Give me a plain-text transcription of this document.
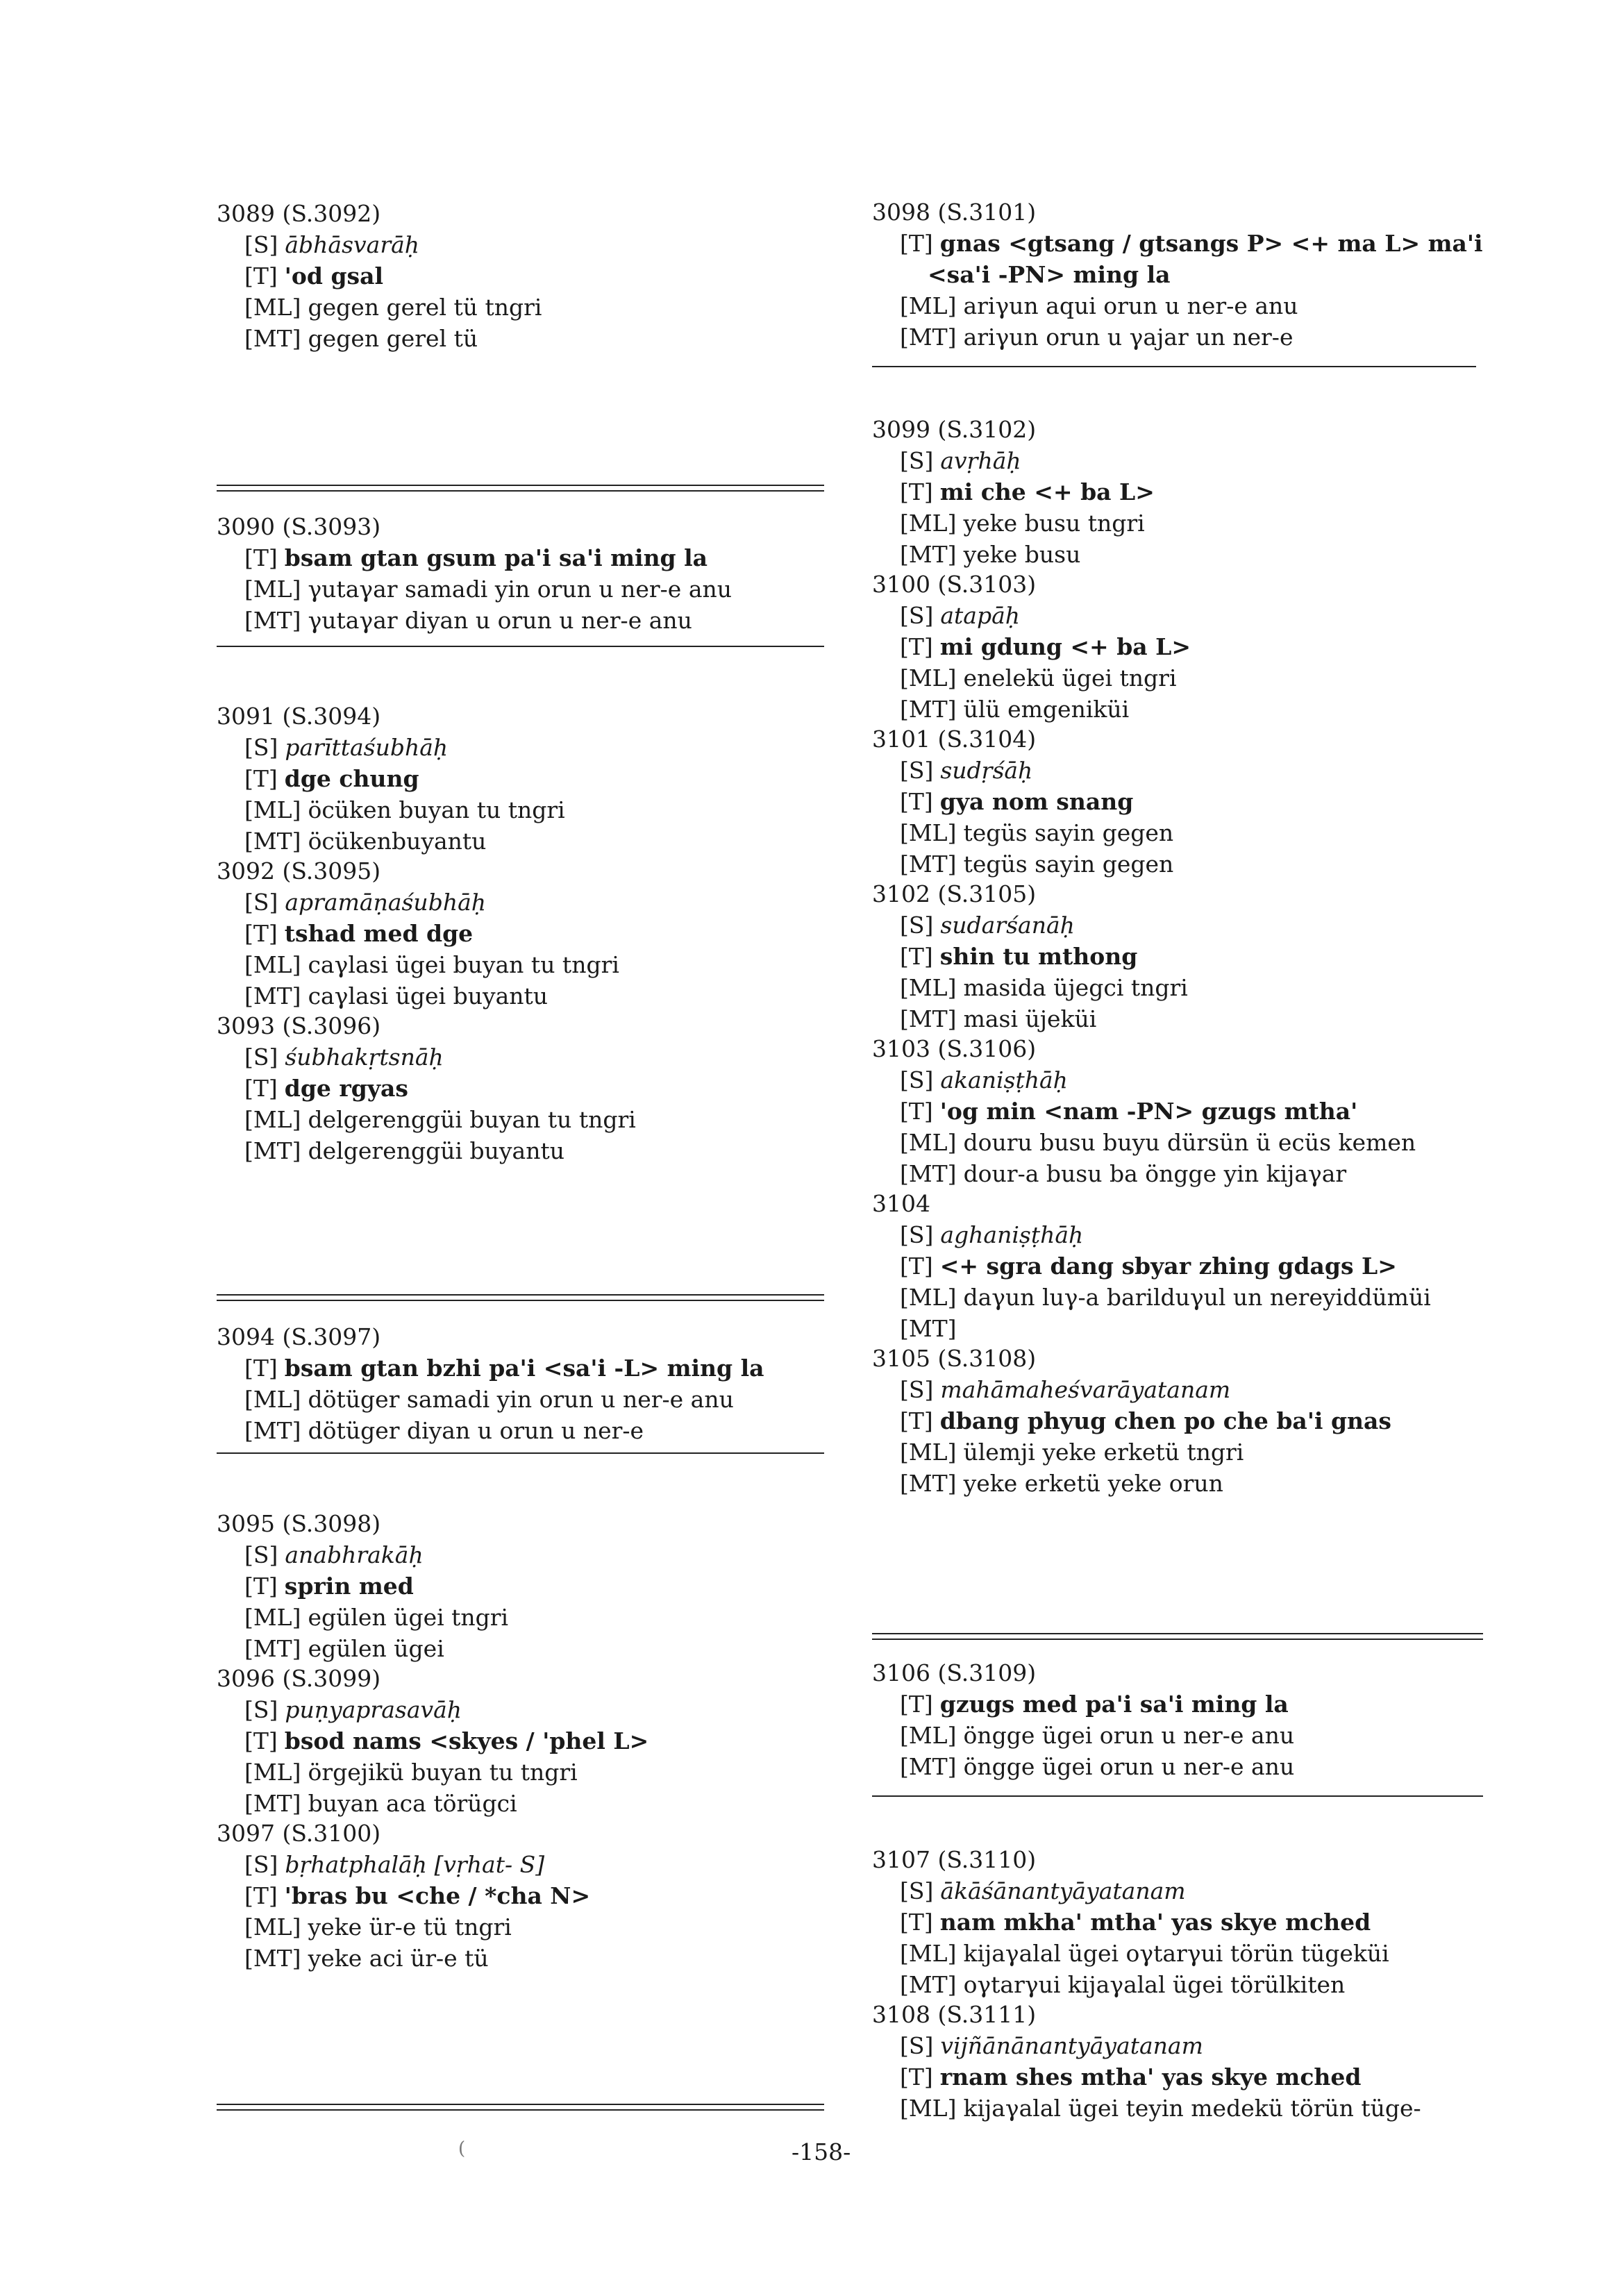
3089 (S.3092)
[S] ābhāsvarāḥ
[T] 'od gsal
[ML] gegen gerel tü tngri
[MT] gegen gerel tü
3090 (S.3093)
[T] bsam gtan gsum pa'i sa'i ming la
[ML] γutaγar samadi yin orun u ner-e anu
[MT] γutaγar diyan u orun u ner-e anu
3091 (S.3094)
[S] parīttaśubhāḥ
[T] dge chung
[ML] öcüken buyan tu tngri
[MT] öcükenbuyantu
3092 (S.3095)
[S] apramāṇaśubhāḥ
[T] tshad med dge
[ML] caγlasi ügei buyan tu tngri
[MT] caγlasi ügei buyantu
3093 (S.3096)
[S] śubhakṛtsnāḥ
[T] dge rgyas
[ML] delgerenggüi buyan tu tngri
[MT] delgerenggüi buyantu
3094 (S.3097)
[T] bsam gtan bzhi pa'i <sa'i -L> ming la
[ML] dötüger samadi yin orun u ner-e anu
[MT] dötüger diyan u orun u ner-e
3095 (S.3098)
[S] anabhrakāḥ
[T] sprin med
[ML] egülen ügei tngri
[MT] egülen ügei
3096 (S.3099)
[S] puṇyaprasavāḥ
[T] bsod nams <skyes / 'phel L>
[ML] örgejikü buyan tu tngri
[MT] buyan aca törügci
3097 (S.3100)
[S] bṛhatphalāḥ [vṛhat- S]
[T] 'bras bu <che / *cha N>
[ML] yeke ür-e tü tngri
[MT] yeke aci ür-e tü
3098 (S.3101)
[T] gnas <gtsang / gtsangs P> <+ ma L> ma'i
<sa'i -PN> ming la
[ML] ariγun aqui orun u ner-e anu
[MT] ariγun orun u γajar un ner-e
3099 (S.3102)
[S] avṛhāḥ
[T] mi che <+ ba L>
[ML] yeke busu tngri
[MT] yeke busu
3100 (S.3103)
[S] atapāḥ
[T] mi gdung <+ ba L>
[ML] enelekü ügei tngri
[MT] ülü emgeniküi
3101 (S.3104)
[S] sudṛśāḥ
[T] gya nom snang
[ML] tegüs sayin gegen
[MT] tegüs sayin gegen
3102 (S.3105)
[S] sudarśanāḥ
[T] shin tu mthong
[ML] masida üjegci tngri
[MT] masi üjeküi
3103 (S.3106)
[S] akaniṣṭhāḥ
[T] 'og min <nam -PN> gzugs mtha'
[ML] douru busu buyu dürsün ü ecüs kemen
[MT] dour-a busu ba öngge yin kijaγar
3104
[S] aghaniṣṭhāḥ
[T] <+ sgra dang sbyar zhing gdags L>
[ML] daγun luγ-a barilduγul un nereyiddümüi
[MT]
3105 (S.3108)
[S] mahāmaheśvarāyatanam
[T] dbang phyug chen po che ba'i gnas
[ML] ülemji yeke erketü tngri
[MT] yeke erketü yeke orun
3106 (S.3109)
[T] gzugs med pa'i sa'i ming la
[ML] öngge ügei orun u ner-e anu
[MT] öngge ügei orun u ner-e anu
3107 (S.3110)
[S] ākāśānantyāyatanam
[T] nam mkha' mtha' yas skye mched
[ML] kijaγalal ügei oγtarγui törün tügeküi
[MT] oγtarγui kijaγalal ügei törülkiten
3108 (S.3111)
[S] vijñānānantyāyatanam
[T] rnam shes mtha' yas skye mched
[ML] kijaγalal ügei teyin medekü törün tüge-
-158-
(
